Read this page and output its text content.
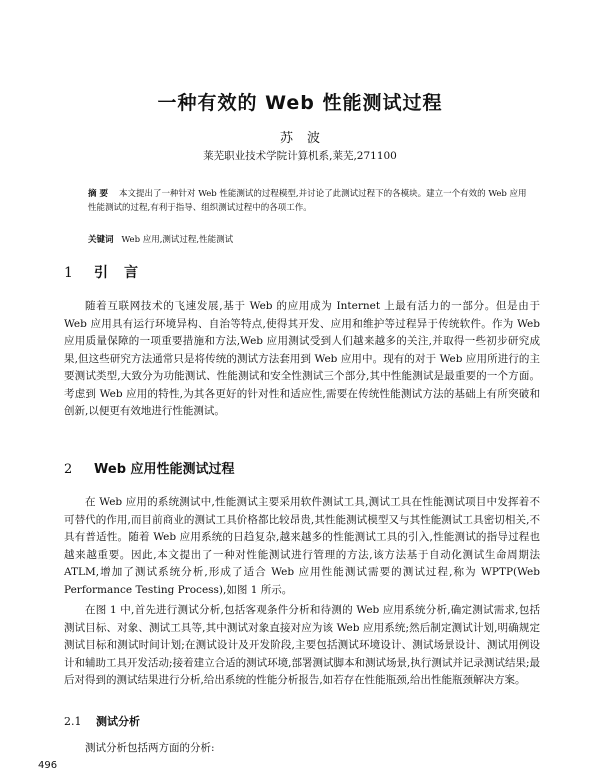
一种有效的 Web 性能测试过程
苏波
莱芜职业技术学院计算机系,莱芜,271100
摘要 本文提出了一种针对 Web 性能测试的过程模型,并讨论了此测试过程下的各模块。建立一个有效的 Web 应用性能测试的过程,有利于指导、组织测试过程中的各项工作。
关键词 Web 应用,测试过程,性能测试
1 引言

随着互联网技术的飞速发展,基于 Web 的应用成为 Internet 上最有活力的一部分。但是由于 Web 应用具有运行环境异构、自治等特点,使得其开发、应用和维护等过程异于传统软件。作为 Web 应用质量保障的一项重要措施和方法,Web 应用测试受到人们越来越多的关注,并取得一些初步研究成果,但这些研究方法通常只是将传统的测试方法套用到 Web 应用中。现有的对于 Web 应用所进行的主要测试类型,大致分为功能测试、性能测试和安全性测试三个部分,其中性能测试是最重要的一个方面。考虑到 Web 应用的特性,为其各更好的针对性和适应性,需要在传统性能测试方法的基础上有所突破和创新,以便更有效地进行性能测试。

2 Web 应用性能测试过程

在 Web 应用的系统测试中,性能测试主要采用软件测试工具,测试工具在性能测试项目中发挥着不可替代的作用,而目前商业的测试工具价格都比较昂贵,其性能测试模型又与其性能测试工具密切相关,不具有普适性。随着 Web 应用系统的日趋复杂,越来越多的性能测试工具的引入,性能测试的指导过程也越来越重要。因此,本文提出了一种对性能测试进行管理的方法,该方法基于自动化测试生命周期法 ATLM,增加了测试系统分析,形成了适合 Web 应用性能测试需要的测试过程,称为 WPTP(Web Performance Testing Process),如图 1 所示。

在图 1 中,首先进行测试分析,包括客观条件分析和待测的 Web 应用系统分析,确定测试需求,包括测试目标、对象、测试工具等,其中测试对象直接对应为该 Web 应用系统;然后制定测试计划,明确规定测试目标和测试时间计划;在测试设计及开发阶段,主要包括测试环境设计、测试场景设计、测试用例设计和辅助工具开发活动;接着建立合适的测试环境,部署测试脚本和测试场景,执行测试并记录测试结果;最后对得到的测试结果进行分析,给出系统的性能分析报告,如若存在性能瓶颈,给出性能瓶颈解决方案。

2.1 测试分析

测试分析包括两方面的分析:

496
